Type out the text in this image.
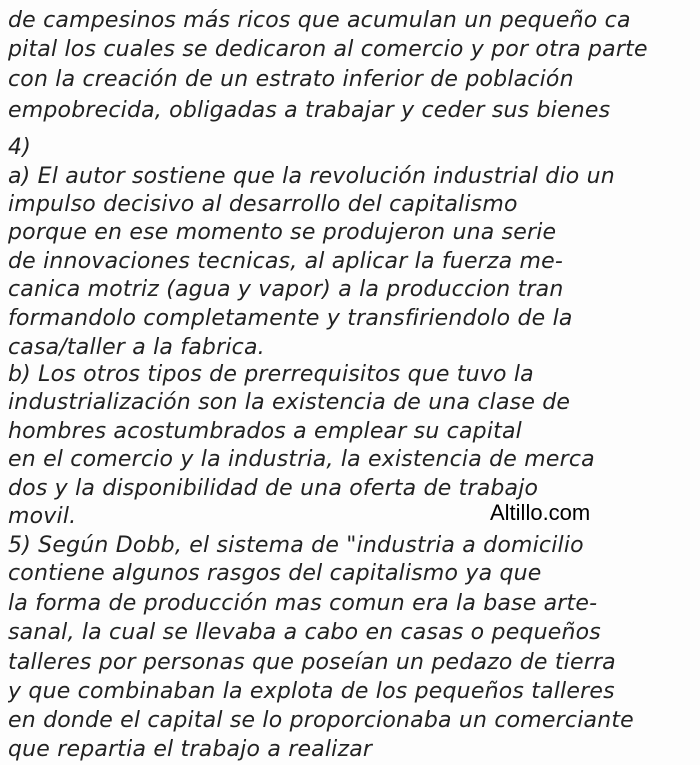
de campesinos más ricos que acumulan un pequeño ca
pital los cuales se dedicaron al comercio y por otra parte
con la creación de un estrato inferior de población
empobrecida, obligadas a trabajar y ceder sus bienes
4)
a) El autor sostiene que la revolución industrial dio un
impulso decisivo al desarrollo del capitalismo
porque en ese momento se produjeron una serie
de innovaciones tecnicas, al aplicar la fuerza me-
canica motriz (agua y vapor) a la produccion tran
formandolo completamente y transfiriendolo de la
casa/taller a la fabrica.
b) Los otros tipos de prerrequisitos que tuvo la
industrialización son la existencia de una clase de
hombres acostumbrados a emplear su capital
en el comercio y la industria, la existencia de merca
dos y la disponibilidad de una oferta de trabajo
movil.
5) Según Dobb, el sistema de "industria a domicilio
contiene algunos rasgos del capitalismo ya que
la forma de producción mas comun era la base arte-
sanal, la cual se llevaba a cabo en casas o pequeños
talleres por personas que poseían un pedazo de tierra
y que combinaban la explota de los pequeños talleres
en donde el capital se lo proporcionaba un comerciante
que repartia el trabajo a realizar
Altillo.com
